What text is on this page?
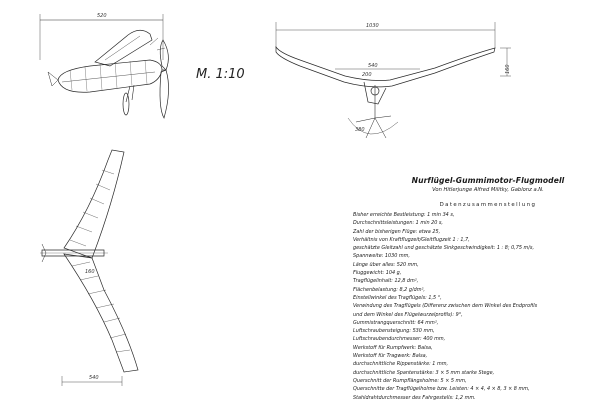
520
1030
540	160
200
380
540
160
M. 1:10
Nurflügel-Gummimotor-Flugmodell
Von Hitlerjunge Alfred Militky, Gablonz a.N.
Datenzusammenstellung
Bisher erreichte Bestleistung: 1 min 34 s,
Durchschnittsleistungen: 1 min 20 s,
Zahl der bisherigen Flüge: etwa 25,
Verhältnis von Kraftflugzeit/Gleitflugzeit 1 : 1,7,
geschätzte Gleitzahl und geschätzte Sinkgeschwindigkeit: 1 : 8; 0,75 m/s,
Spannweite: 1030 mm,
Länge über alles: 520 mm,
Fluggewicht: 104 g,
Tragflügelinhalt: 12,8 dm²,
Flächenbelastung: 8,2 g/dm²,
Einstellwinkel des Tragflügels: 1,5 °,
Verwindung des Tragflügels (Differenz zwischen dem Winkel des Endprofils
und dem Winkel des Flügelwurzelprofils): 9°,
Gummistrangquerschnitt: 64 mm²,
Luftschraubensteigung: 530 mm,
Luftschraubendurchmesser: 400 mm,
Werkstoff für Rumpfwerk: Balsa,
Werkstoff für Tragwerk: Balsa,
durchschnittliche Rippenstärke: 1 mm,
durchschnittliche Spantenstärke: 3 × 5 mm starke Stege,
Querschnitt der Rumpflängsholme: 5 × 5 mm,
Querschnitte der Tragflügelholme bzw. Leisten: 4 × 4, 4 × 8, 3 × 8 mm,
Stahldrahtdurchmesser des Fahrgestells: 1,2 mm.
